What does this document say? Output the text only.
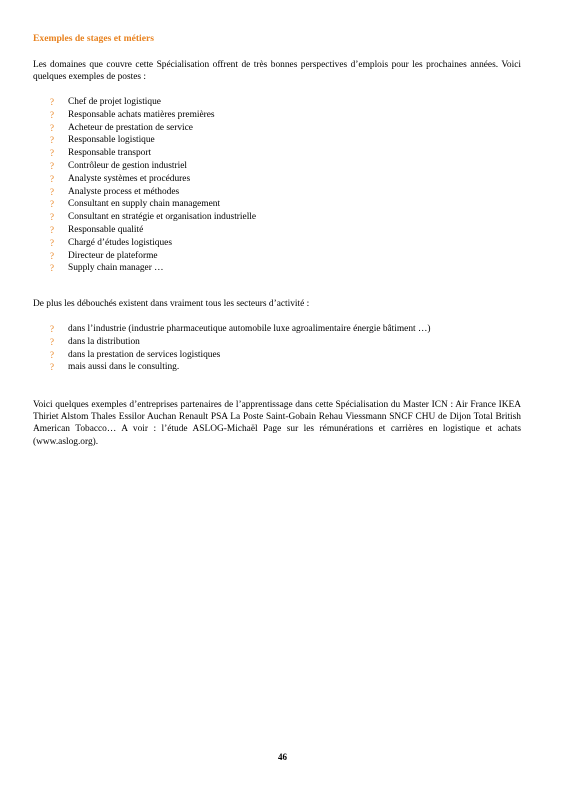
Exemples de stages et métiers

Les domaines que couvre cette Spécialisation offrent de très bonnes perspectives d’emplois pour les prochaines années. Voici quelques exemples de postes :

? Chef de projet logistique
? Responsable achats matières premières
? Acheteur de prestation de service
? Responsable logistique
? Responsable transport
? Contrôleur de gestion industriel
? Analyste systèmes et procédures
? Analyste process et méthodes
? Consultant en supply chain management
? Consultant en stratégie et organisation industrielle
? Responsable qualité
? Chargé d’études logistiques
? Directeur de plateforme
? Supply chain manager …

De plus les débouchés existent dans vraiment tous les secteurs d’activité :

? dans l’industrie (industrie pharmaceutique automobile luxe agroalimentaire énergie bâtiment …)
? dans la distribution
? dans la prestation de services logistiques
? mais aussi dans le consulting.

Voici quelques exemples d’entreprises partenaires de l’apprentissage dans cette Spécialisation du Master ICN : Air France IKEA Thiriet Alstom Thales Essilor Auchan Renault PSA La Poste Saint-Gobain Rehau Viessmann SNCF CHU de Dijon Total British American Tobacco… A voir : l’étude ASLOG-Michaël Page sur les rémunérations et carrières en logistique et achats (www.aslog.org).

46
